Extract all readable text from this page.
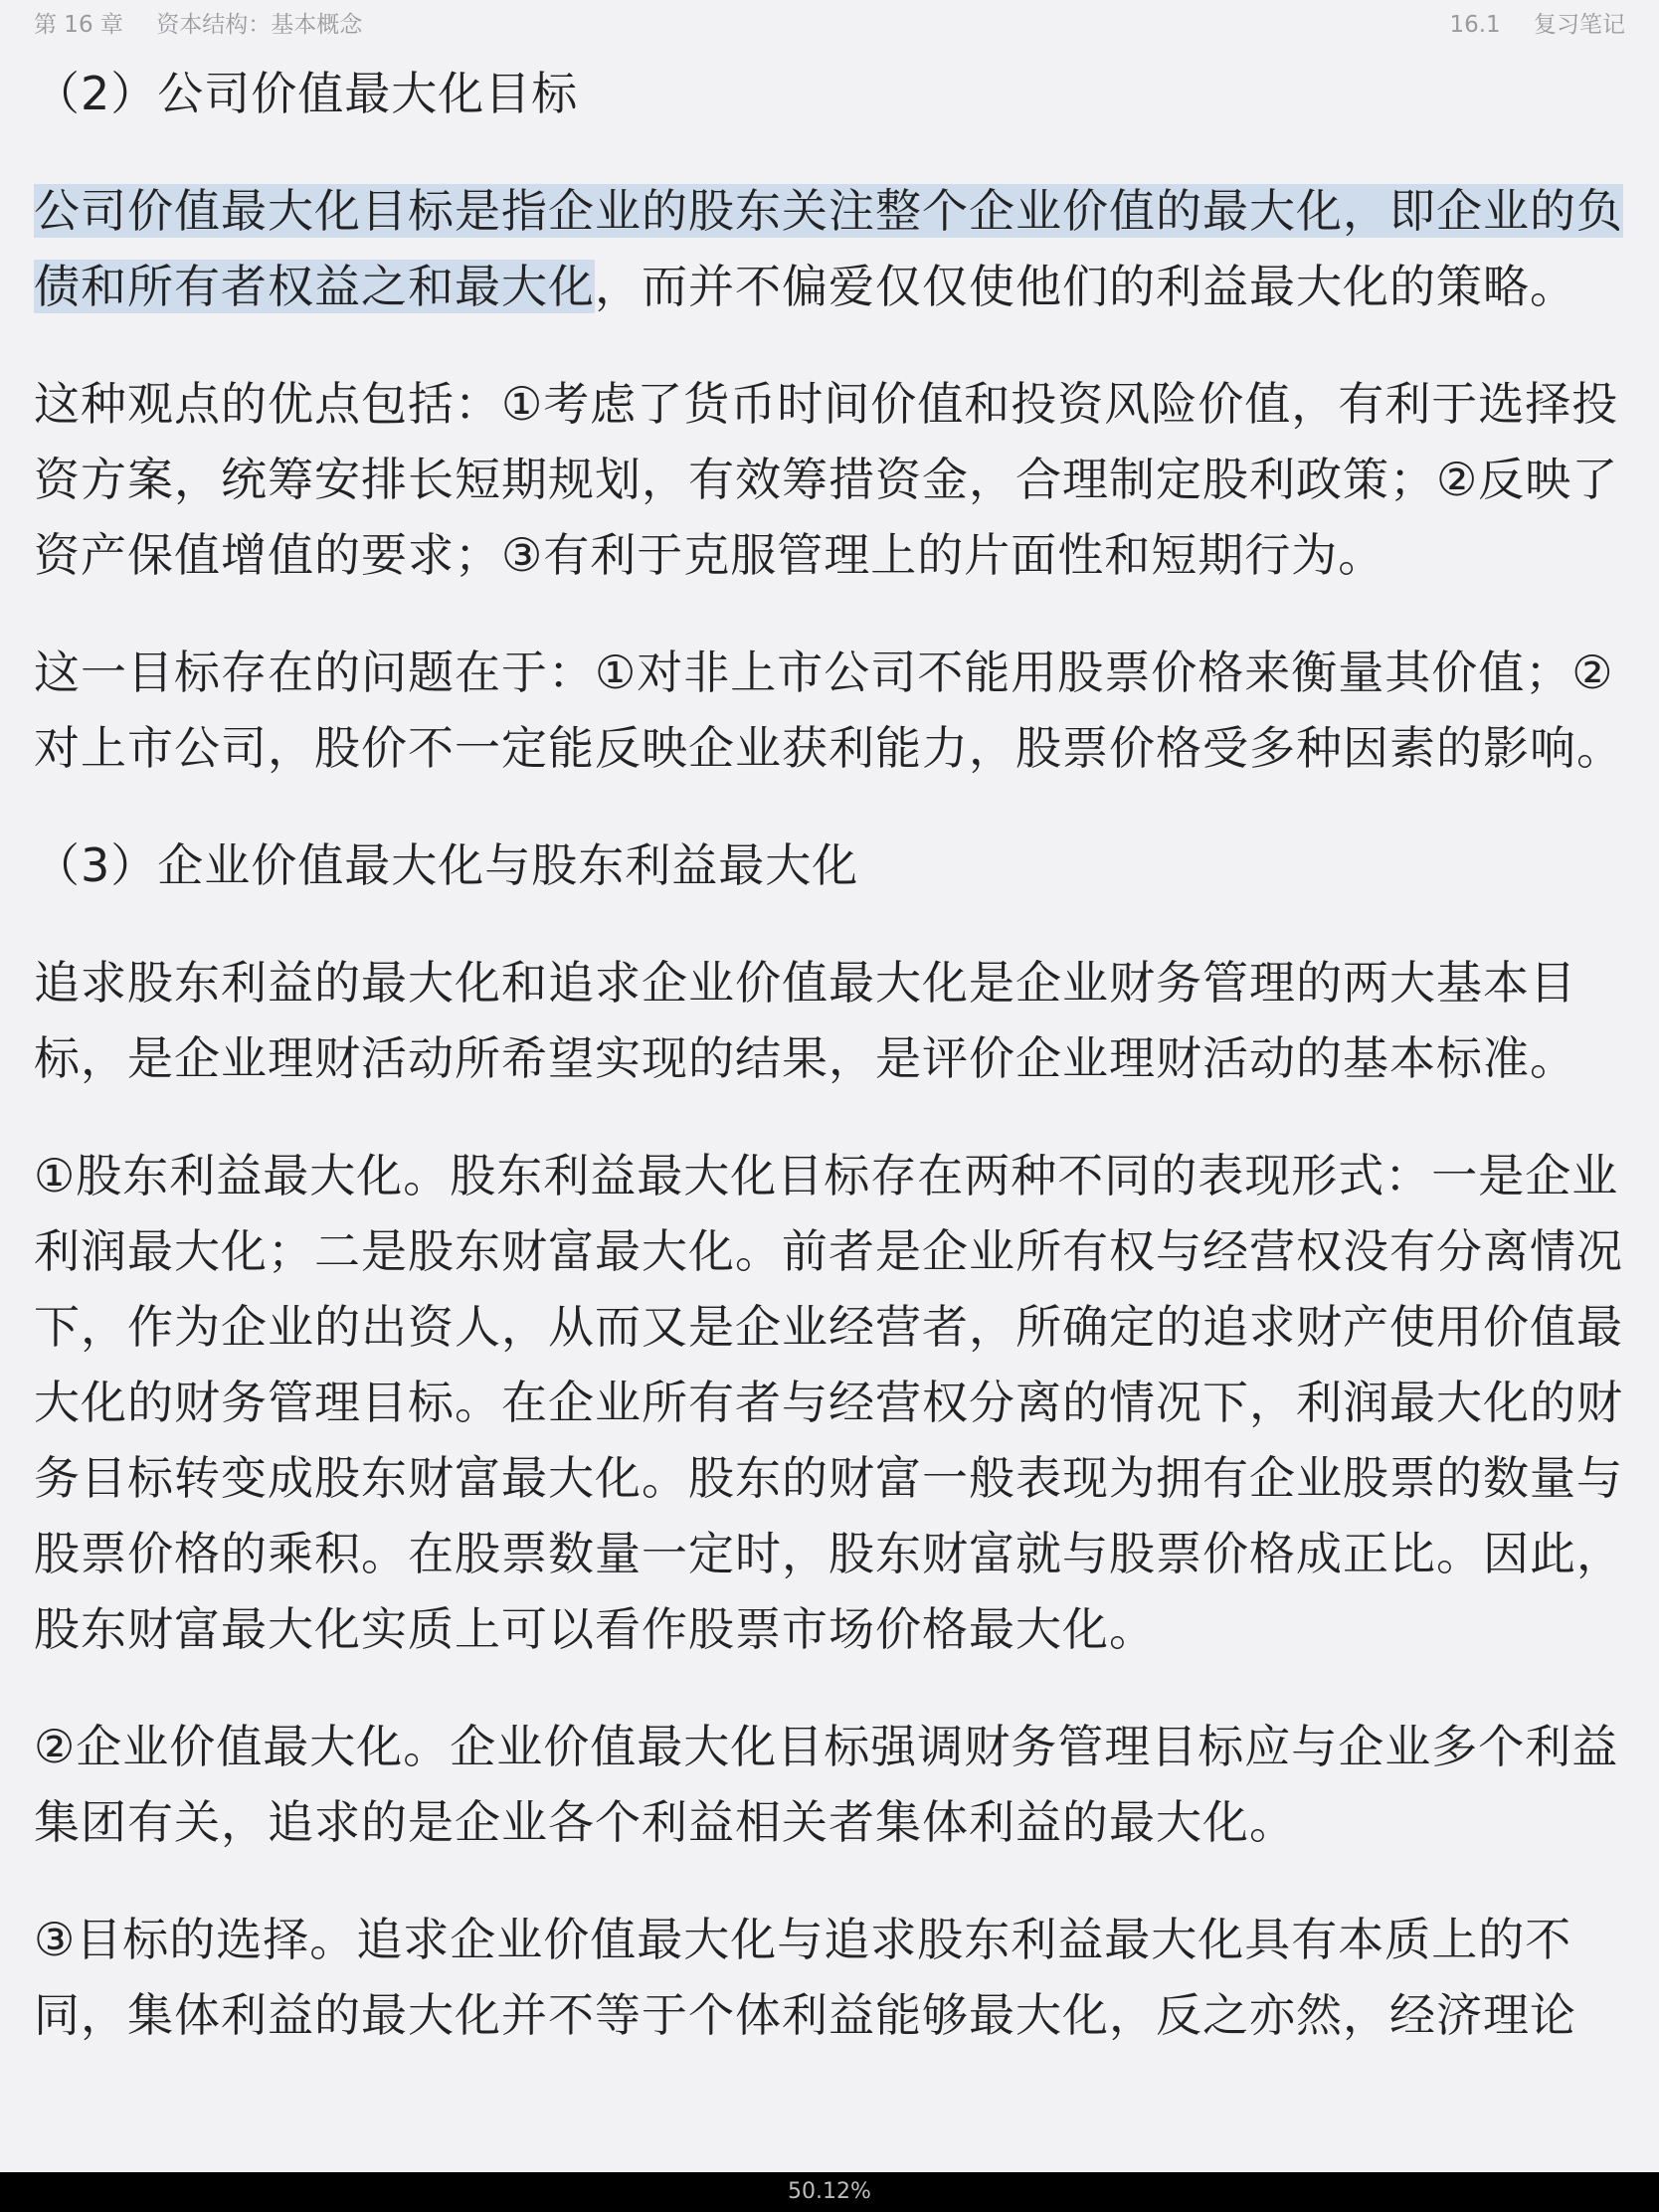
第 16 章 资本结构：基本概念	16.1 复习笔记
（2）公司价值最大化目标
公司价值最大化目标是指企业的股东关注整个企业价值的最大化，即企业的负债和所有者权益之和最大化，而并不偏爱仅仅使他们的利益最大化的策略。
这种观点的优点包括：①考虑了货币时间价值和投资风险价值，有利于选择投资方案，统筹安排长短期规划，有效筹措资金，合理制定股利政策；②反映了资产保值增值的要求；③有利于克服管理上的片面性和短期行为。
这一目标存在的问题在于：①对非上市公司不能用股票价格来衡量其价值；②对上市公司，股价不一定能反映企业获利能力，股票价格受多种因素的影响。
（3）企业价值最大化与股东利益最大化
追求股东利益的最大化和追求企业价值最大化是企业财务管理的两大基本目标，是企业理财活动所希望实现的结果，是评价企业理财活动的基本标准。
①股东利益最大化。股东利益最大化目标存在两种不同的表现形式：一是企业利润最大化；二是股东财富最大化。前者是企业所有权与经营权没有分离情况下，作为企业的出资人，从而又是企业经营者，所确定的追求财产使用价值最大化的财务管理目标。在企业所有者与经营权分离的情况下，利润最大化的财务目标转变成股东财富最大化。股东的财富一般表现为拥有企业股票的数量与股票价格的乘积。在股票数量一定时，股东财富就与股票价格成正比。因此，股东财富最大化实质上可以看作股票市场价格最大化。
②企业价值最大化。企业价值最大化目标强调财务管理目标应与企业多个利益集团有关，追求的是企业各个利益相关者集体利益的最大化。
③目标的选择。追求企业价值最大化与追求股东利益最大化具有本质上的不同，集体利益的最大化并不等于个体利益能够最大化，反之亦然，经济理论
50.12%
